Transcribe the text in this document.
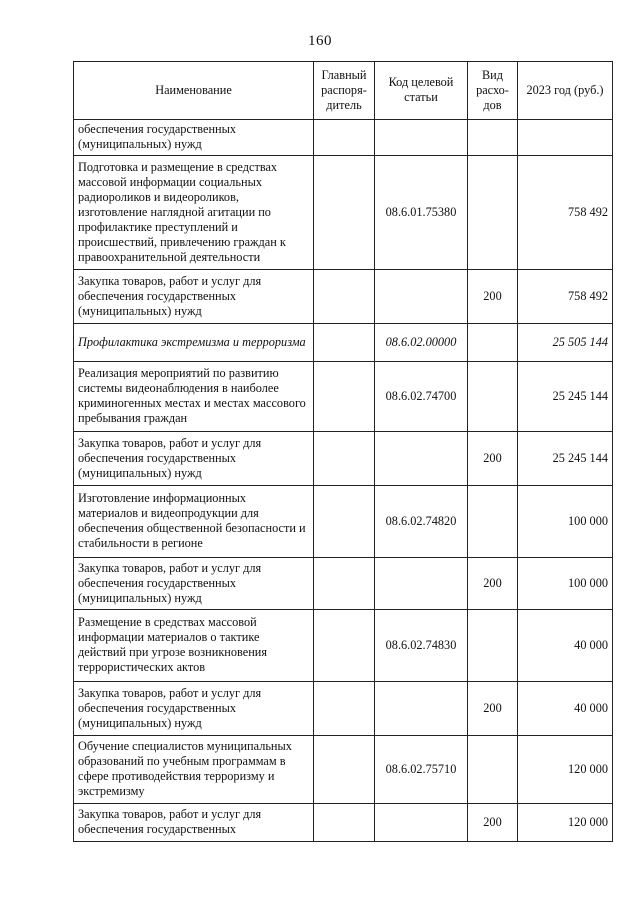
160
Наименование	Главный распоря-дитель	Код целевой статьи	Вид расхо-дов	2023 год (руб.)
обеспечения государственных (муниципальных) нужд				
Подготовка и размещение в средствах массовой информации социальных радиороликов и видеороликов, изготовление наглядной агитации по профилактике преступлений и происшествий, привлечению граждан к правоохранительной деятельности		08.6.01.75380		758 492
Закупка товаров, работ и услуг для обеспечения государственных (муниципальных) нужд			200	758 492
Профилактика экстремизма и терроризма		08.6.02.00000		25 505 144
Реализация мероприятий по развитию системы видеонаблюдения в наиболее криминогенных местах и местах массового пребывания граждан		08.6.02.74700		25 245 144
Закупка товаров, работ и услуг для обеспечения государственных (муниципальных) нужд			200	25 245 144
Изготовление информационных материалов и видеопродукции для обеспечения общественной безопасности и стабильности в регионе		08.6.02.74820		100 000
Закупка товаров, работ и услуг для обеспечения государственных (муниципальных) нужд			200	100 000
Размещение в средствах массовой информации материалов о тактике действий при угрозе возникновения террористических актов		08.6.02.74830		40 000
Закупка товаров, работ и услуг для обеспечения государственных (муниципальных) нужд			200	40 000
Обучение специалистов муниципальных образований по учебным программам в сфере противодействия терроризму и экстремизму		08.6.02.75710		120 000
Закупка товаров, работ и услуг для обеспечения государственных			200	120 000
